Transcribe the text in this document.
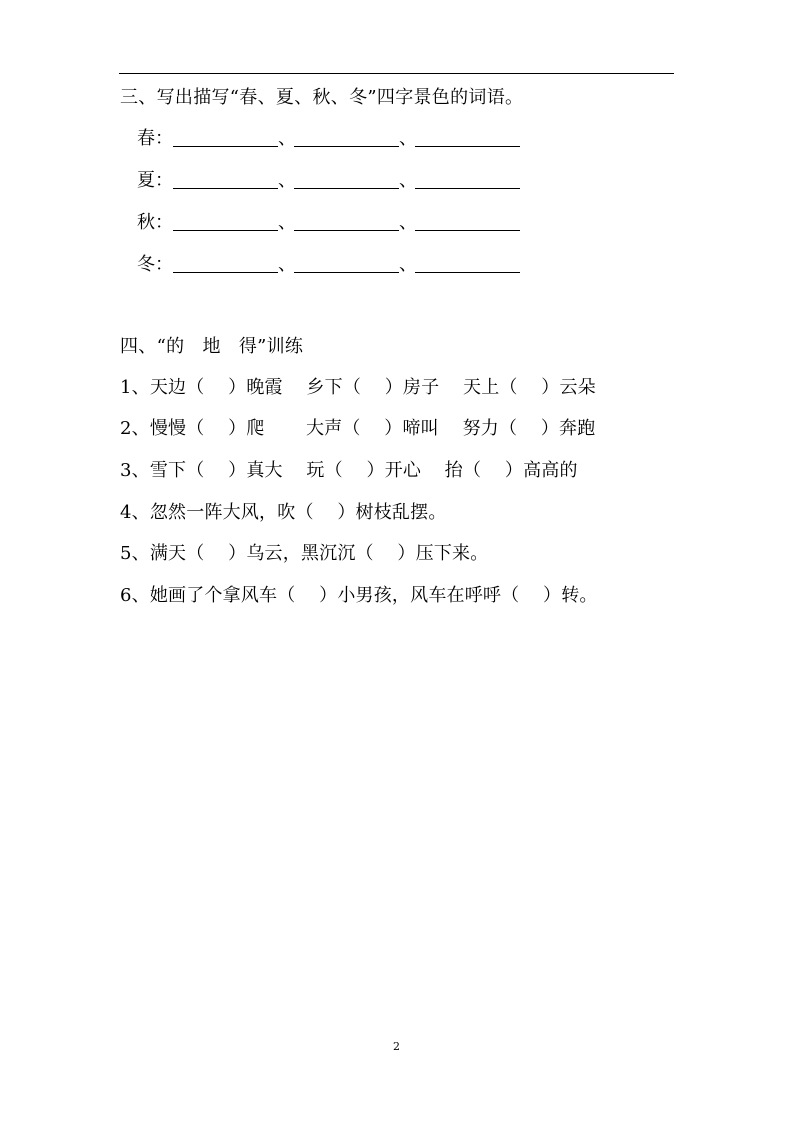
三、写出描写“春、夏、秋、冬”四字景色的词语。
春：	、	、
夏：	、	、
秋：	、	、
冬：	、	、
四、“的   地   得”训练
1、天边（    ）晚霞    乡下（    ）房子    天上（    ）云朵
2、慢慢（    ）爬       大声（    ）啼叫    努力（    ）奔跑
3、雪下（    ）真大    玩（    ）开心    抬（    ）高高的
4、忽然一阵大风，吹（    ）树枝乱摆。
5、满天（    ）乌云，黑沉沉（    ）压下来。
6、她画了个拿风车（    ）小男孩，风车在呼呼（    ）转。
2
